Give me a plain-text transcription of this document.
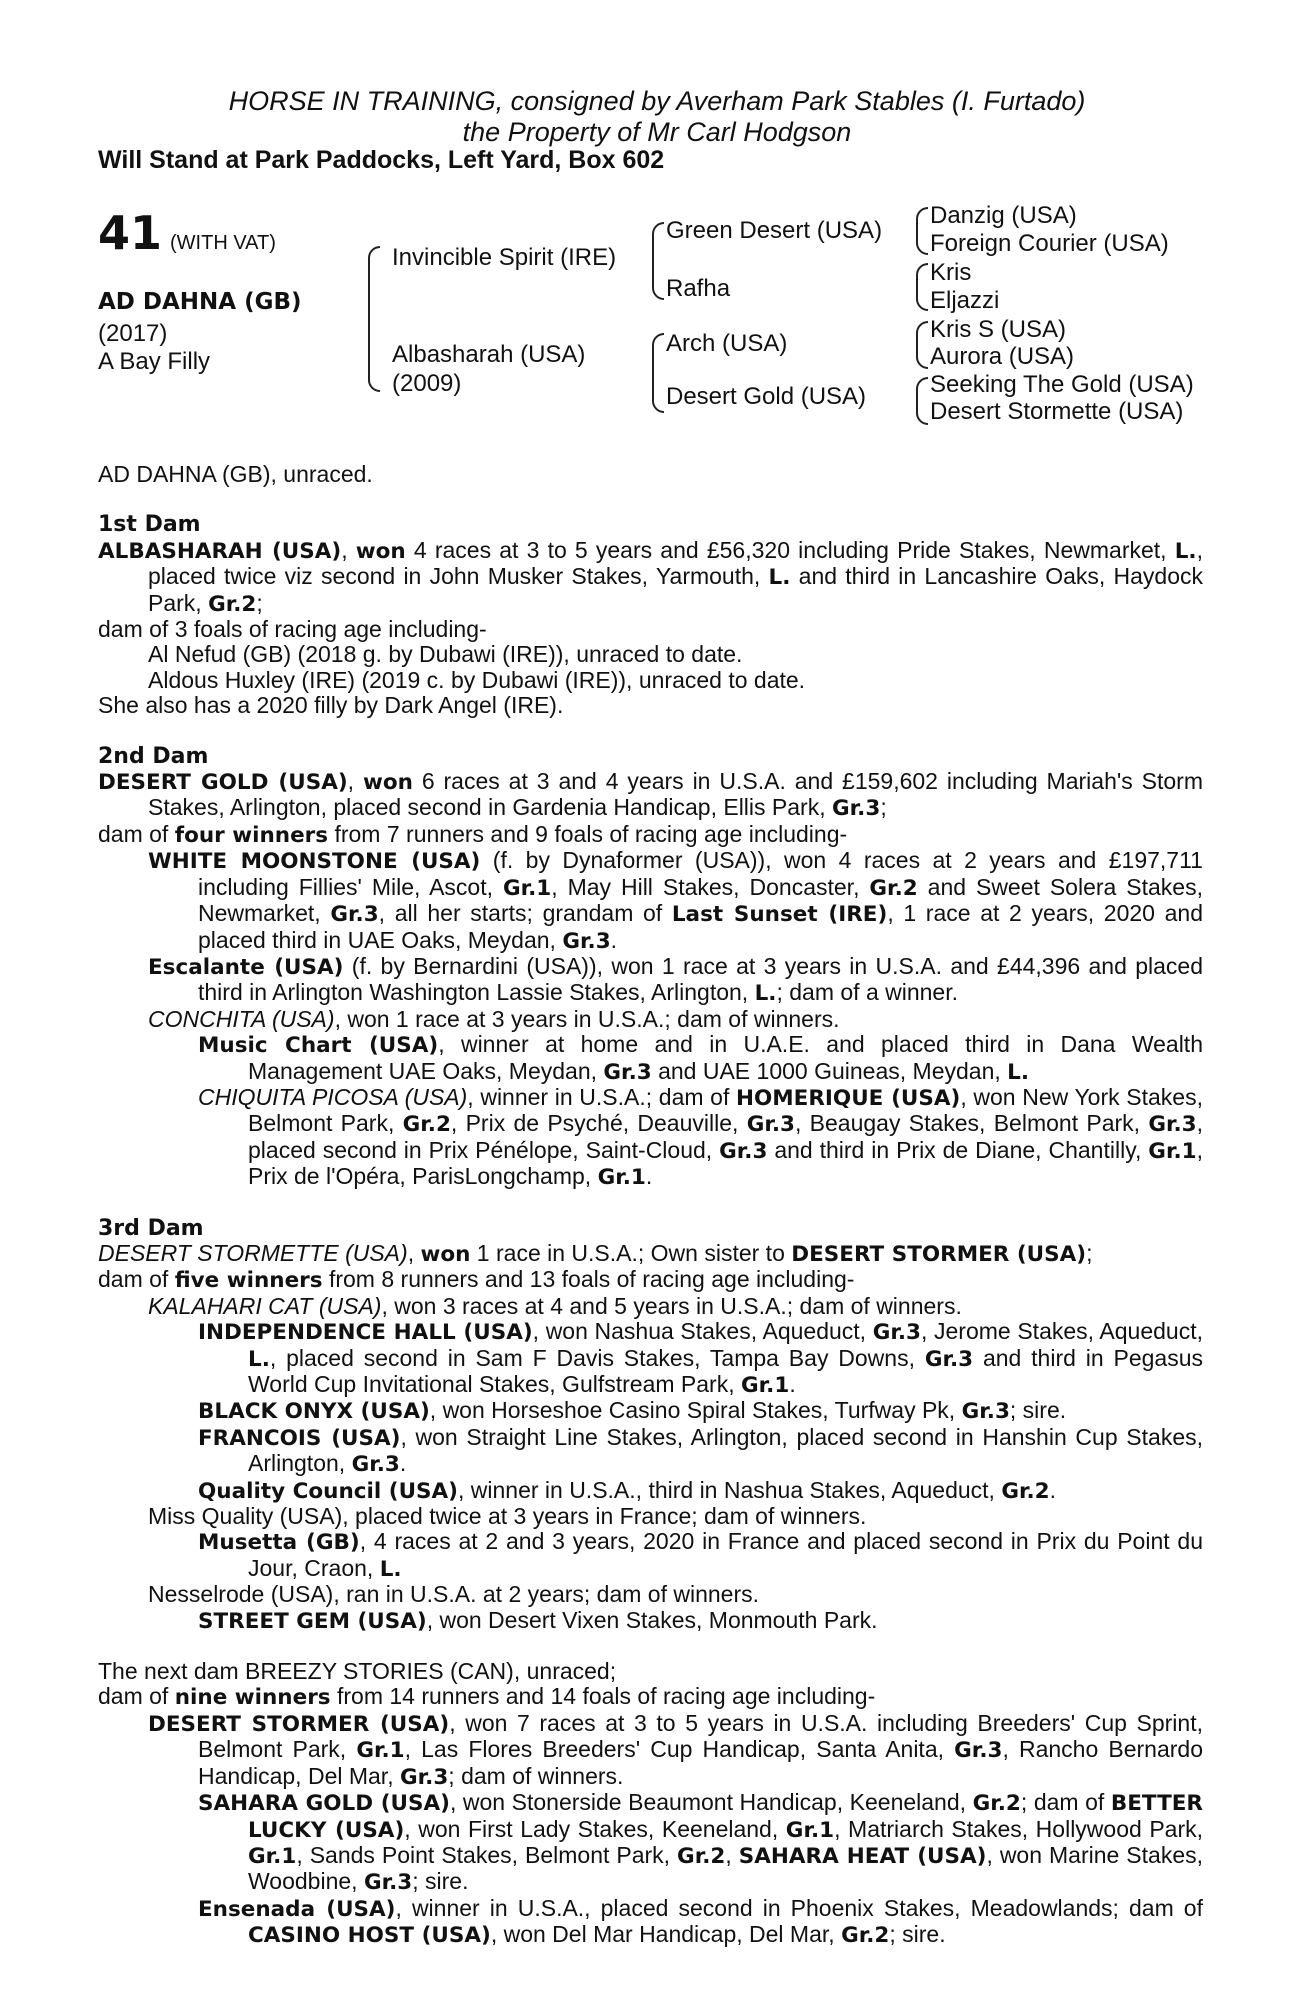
HORSE IN TRAINING, consigned by Averham Park Stables (I. Furtado)
the Property of Mr Carl Hodgson
Will Stand at Park Paddocks, Left Yard, Box 602
41 (WITH VAT)
AD DAHNA (GB)
(2017)
A Bay Filly
Invincible Spirit (IRE)
Albasharah (USA)
(2009)
Green Desert (USA)
Rafha
Arch (USA)
Desert Gold (USA)
Danzig (USA)
Foreign Courier (USA)
Kris
Eljazzi
Kris S (USA)
Aurora (USA)
Seeking The Gold (USA)
Desert Stormette (USA)

AD DAHNA (GB), unraced.

1st Dam

ALBASHARAH (USA), won 4 races at 3 to 5 years and £56,320 including Pride Stakes, Newmarket, L., placed twice viz second in John Musker Stakes, Yarmouth, L. and third in Lancashire Oaks, Haydock Park, Gr.2;

dam of 3 foals of racing age including-

Al Nefud (GB) (2018 g. by Dubawi (IRE)), unraced to date.

Aldous Huxley (IRE) (2019 c. by Dubawi (IRE)), unraced to date.

She also has a 2020 filly by Dark Angel (IRE).

2nd Dam

DESERT GOLD (USA), won 6 races at 3 and 4 years in U.S.A. and £159,602 including Mariah's Storm Stakes, Arlington, placed second in Gardenia Handicap, Ellis Park, Gr.3;

dam of four winners from 7 runners and 9 foals of racing age including-

WHITE MOONSTONE (USA) (f. by Dynaformer (USA)), won 4 races at 2 years and £197,711 including Fillies' Mile, Ascot, Gr.1, May Hill Stakes, Doncaster, Gr.2 and Sweet Solera Stakes, Newmarket, Gr.3, all her starts; grandam of Last Sunset (IRE), 1 race at 2 years, 2020 and placed third in UAE Oaks, Meydan, Gr.3.

Escalante (USA) (f. by Bernardini (USA)), won 1 race at 3 years in U.S.A. and £44,396 and placed third in Arlington Washington Lassie Stakes, Arlington, L.; dam of a winner.

CONCHITA (USA), won 1 race at 3 years in U.S.A.; dam of winners.

Music Chart (USA), winner at home and in U.A.E. and placed third in Dana Wealth Management UAE Oaks, Meydan, Gr.3 and UAE 1000 Guineas, Meydan, L.

CHIQUITA PICOSA (USA), winner in U.S.A.; dam of HOMERIQUE (USA), won New York Stakes, Belmont Park, Gr.2, Prix de Psyché, Deauville, Gr.3, Beaugay Stakes, Belmont Park, Gr.3, placed second in Prix Pénélope, Saint-Cloud, Gr.3 and third in Prix de Diane, Chantilly, Gr.1, Prix de l'Opéra, ParisLongchamp, Gr.1.

3rd Dam

DESERT STORMETTE (USA), won 1 race in U.S.A.; Own sister to DESERT STORMER (USA);

dam of five winners from 8 runners and 13 foals of racing age including-

KALAHARI CAT (USA), won 3 races at 4 and 5 years in U.S.A.; dam of winners.

INDEPENDENCE HALL (USA), won Nashua Stakes, Aqueduct, Gr.3, Jerome Stakes, Aqueduct, L., placed second in Sam F Davis Stakes, Tampa Bay Downs, Gr.3 and third in Pegasus World Cup Invitational Stakes, Gulfstream Park, Gr.1.

BLACK ONYX (USA), won Horseshoe Casino Spiral Stakes, Turfway Pk, Gr.3; sire.

FRANCOIS (USA), won Straight Line Stakes, Arlington, placed second in Hanshin Cup Stakes, Arlington, Gr.3.

Quality Council (USA), winner in U.S.A., third in Nashua Stakes, Aqueduct, Gr.2.

Miss Quality (USA), placed twice at 3 years in France; dam of winners.

Musetta (GB), 4 races at 2 and 3 years, 2020 in France and placed second in Prix du Point du Jour, Craon, L.

Nesselrode (USA), ran in U.S.A. at 2 years; dam of winners.

STREET GEM (USA), won Desert Vixen Stakes, Monmouth Park.

The next dam BREEZY STORIES (CAN), unraced;

dam of nine winners from 14 runners and 14 foals of racing age including-

DESERT STORMER (USA), won 7 races at 3 to 5 years in U.S.A. including Breeders' Cup Sprint, Belmont Park, Gr.1, Las Flores Breeders' Cup Handicap, Santa Anita, Gr.3, Rancho Bernardo Handicap, Del Mar, Gr.3; dam of winners.

SAHARA GOLD (USA), won Stonerside Beaumont Handicap, Keeneland, Gr.2; dam of BETTER LUCKY (USA), won First Lady Stakes, Keeneland, Gr.1, Matriarch Stakes, Hollywood Park, Gr.1, Sands Point Stakes, Belmont Park, Gr.2, SAHARA HEAT (USA), won Marine Stakes, Woodbine, Gr.3; sire.

Ensenada (USA), winner in U.S.A., placed second in Phoenix Stakes, Meadowlands; dam of CASINO HOST (USA), won Del Mar Handicap, Del Mar, Gr.2; sire.
